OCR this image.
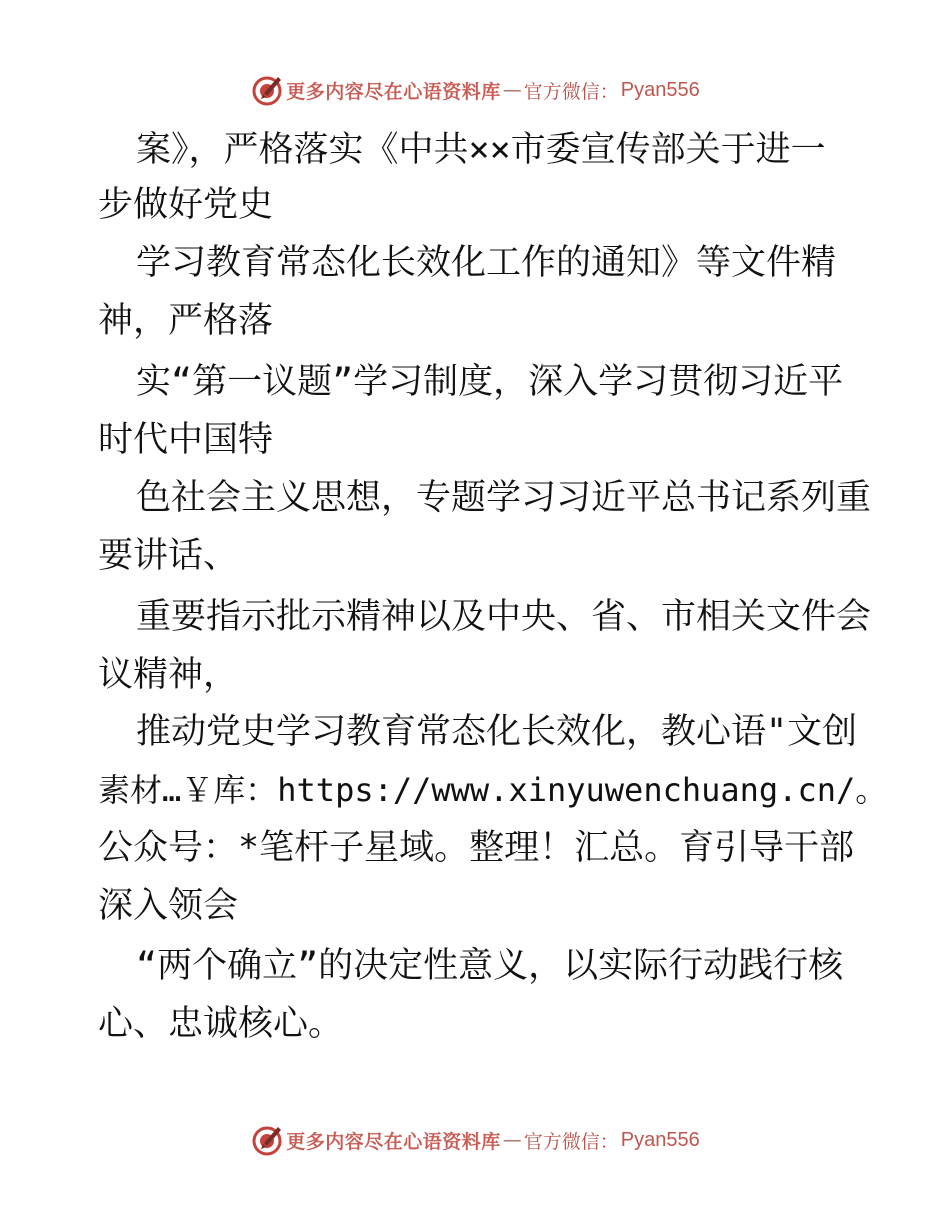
更多内容尽在心语资料库 — 官方微信： Pyan556
案》，严格落实《中共××市委宣传部关于进一
步做好党史
学习教育常态化长效化工作的通知》等文件精
神，严格落
实“第一议题”学习制度，深入学习贯彻习近平
时代中国特
色社会主义思想，专题学习习近平总书记系列重
要讲话、
重要指示批示精神以及中央、省、市相关文件会
议精神，
推动党史学习教育常态化长效化，教心语"文创
素材…￥库：https://www.xinyuwenchuang.cn/。
公众号：*笔杆子星域。整理！汇总。育引导干部
深入领会
“两个确立”的决定性意义，以实际行动践行核
心、忠诚核心。
更多内容尽在心语资料库 — 官方微信： Pyan556
